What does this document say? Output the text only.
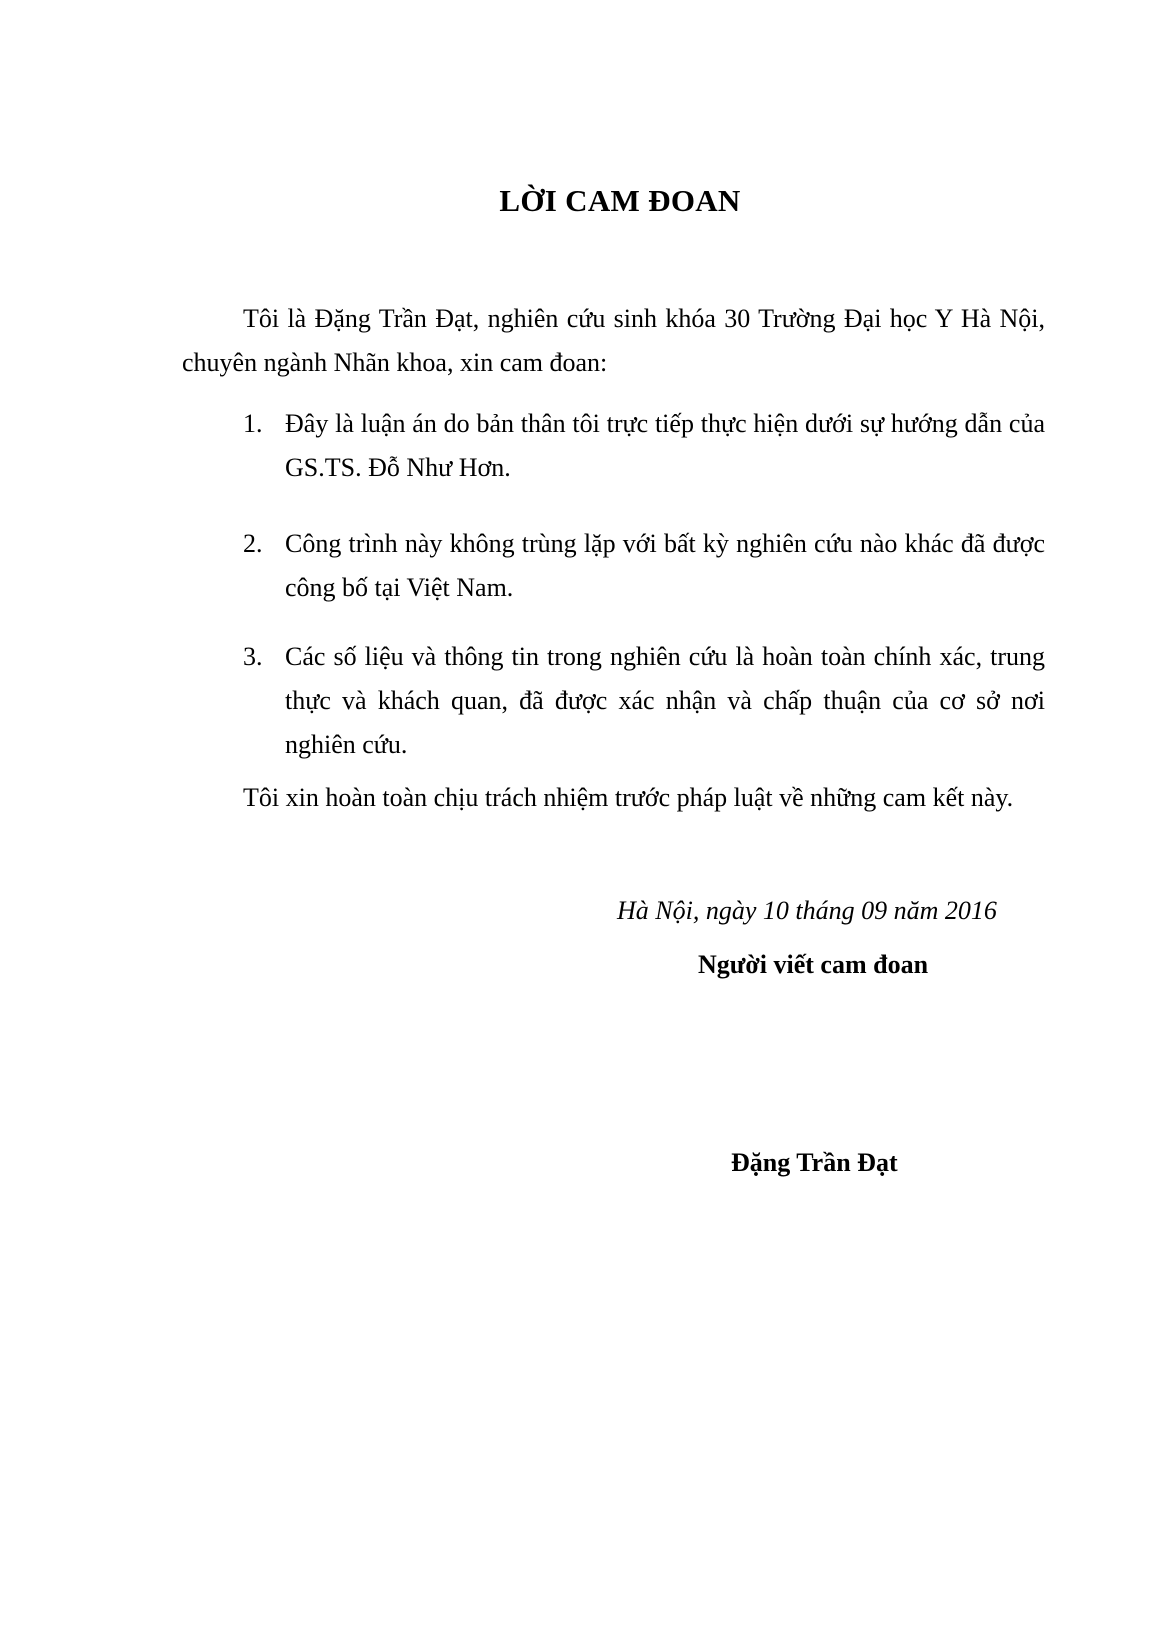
LỜI CAM ĐOAN
Tôi là Đặng Trần Đạt, nghiên cứu sinh khóa 30 Trường Đại học Y Hà Nội, chuyên ngành Nhãn khoa, xin cam đoan:
1. Đây là luận án do bản thân tôi trực tiếp thực hiện dưới sự hướng dẫn của GS.TS. Đỗ Như Hơn.
2. Công trình này không trùng lặp với bất kỳ nghiên cứu nào khác đã được công bố tại Việt Nam.
3. Các số liệu và thông tin trong nghiên cứu là hoàn toàn chính xác, trung thực và khách quan, đã được xác nhận và chấp thuận của cơ sở nơi nghiên cứu.
Tôi xin hoàn toàn chịu trách nhiệm trước pháp luật về những cam kết này.
Hà Nội, ngày 10 tháng 09 năm 2016
Người viết cam đoan
Đặng Trần Đạt
